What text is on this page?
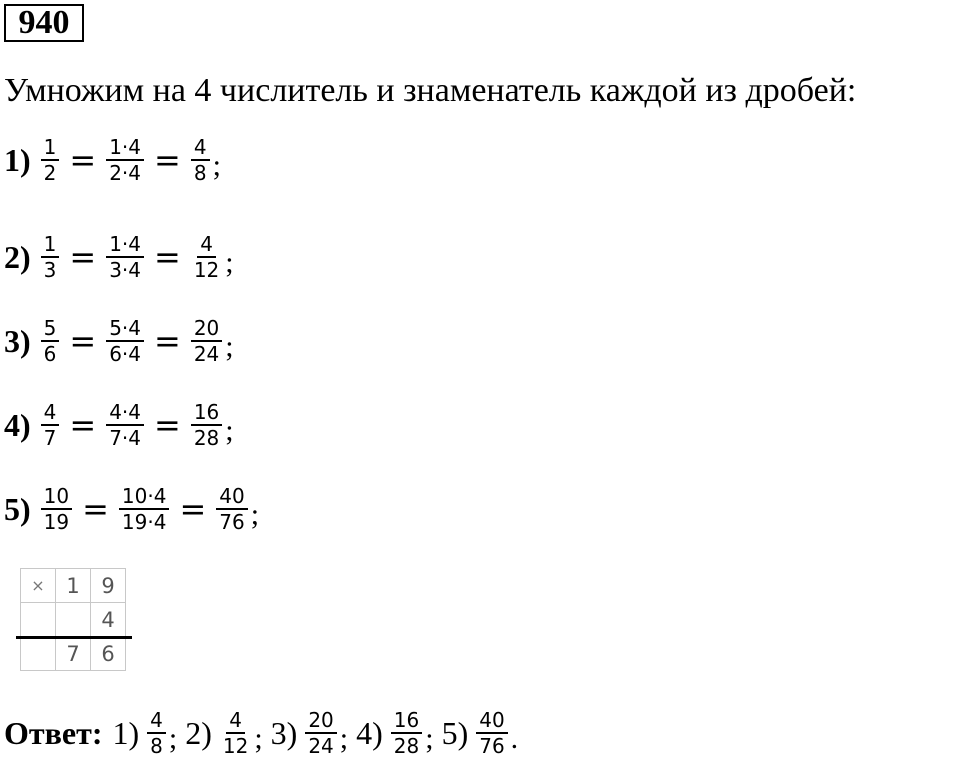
940
Умножим на 4 числитель и знаменатель каждой из дробей:
$1) \frac{1}{2} = \frac{1\cdot 4}{2\cdot 4} = \frac{4}{8}$ ;
$2) \frac{1}{3} = \frac{1\cdot 4}{3\cdot 4} = \frac{4}{12}$ ;
$3) \frac{5}{6} = \frac{5\cdot 4}{6\cdot 4} = \frac{20}{24}$ ;
$4) \frac{4}{7} = \frac{4\cdot 4}{7\cdot 4} = \frac{16}{28}$ ;
$5) \frac{10}{19} = \frac{10\cdot 4}{19\cdot 4} = \frac{40}{76}$ ;
×	1	9
		4
	7	6
Ответ: $1) \frac{4}{8}$ ; $2) \frac{4}{12}$ ; $3) \frac{20}{24}$ ; $4) \frac{16}{28}$ ; $5) \frac{40}{76}$ .
